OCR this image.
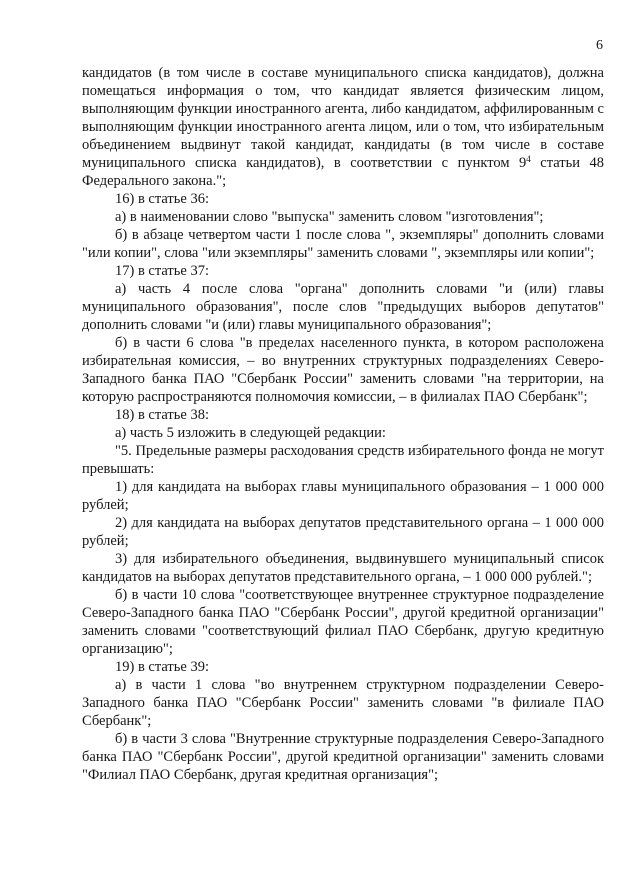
6

кандидатов (в том числе в составе муниципального списка кандидатов), должна помещаться информация о том, что кандидат является физическим лицом, выполняющим функции иностранного агента, либо кандидатом, аффилированным с выполняющим функции иностранного агента лицом, или о том, что избирательным объединением выдвинут такой кандидат, кандидаты (в том числе в составе муниципального списка кандидатов), в соответствии с пунктом $9^4$ статьи 48 Федерального закона.";

16) в статье 36:

а) в наименовании слово "выпуска" заменить словом "изготовления";

б) в абзаце четвертом части 1 после слова ", экземпляры" дополнить словами "или копии", слова "или экземпляры" заменить словами ", экземпляры или копии";

17) в статье 37:

а) часть 4 после слова "органа" дополнить словами "и (или) главы муниципального образования", после слов "предыдущих выборов депутатов" дополнить словами "и (или) главы муниципального образования";

б) в части 6 слова "в пределах населенного пункта, в котором расположена избирательная комиссия, – во внутренних структурных подразделениях Северо-Западного банка ПАО "Сбербанк России" заменить словами "на территории, на которую распространяются полномочия комиссии, – в филиалах ПАО Сбербанк";

18) в статье 38:

а) часть 5 изложить в следующей редакции:

"5. Предельные размеры расходования средств избирательного фонда не могут превышать:

1) для кандидата на выборах главы муниципального образования – 1 000 000 рублей;

2) для кандидата на выборах депутатов представительного органа – 1 000 000 рублей;

3) для избирательного объединения, выдвинувшего муниципальный список кандидатов на выборах депутатов представительного органа, – 1 000 000 рублей.";

б) в части 10 слова "соответствующее внутреннее структурное подразделение Северо-Западного банка ПАО "Сбербанк России", другой кредитной организации" заменить словами "соответствующий филиал ПАО Сбербанк, другую кредитную организацию";

19) в статье 39:

а) в части 1 слова "во внутреннем структурном подразделении Северо-Западного банка ПАО "Сбербанк России" заменить словами "в филиале ПАО Сбербанк";

б) в части 3 слова "Внутренние структурные подразделения Северо-Западного банка ПАО "Сбербанк России", другой кредитной организации" заменить словами "Филиал ПАО Сбербанк, другая кредитная организация";
